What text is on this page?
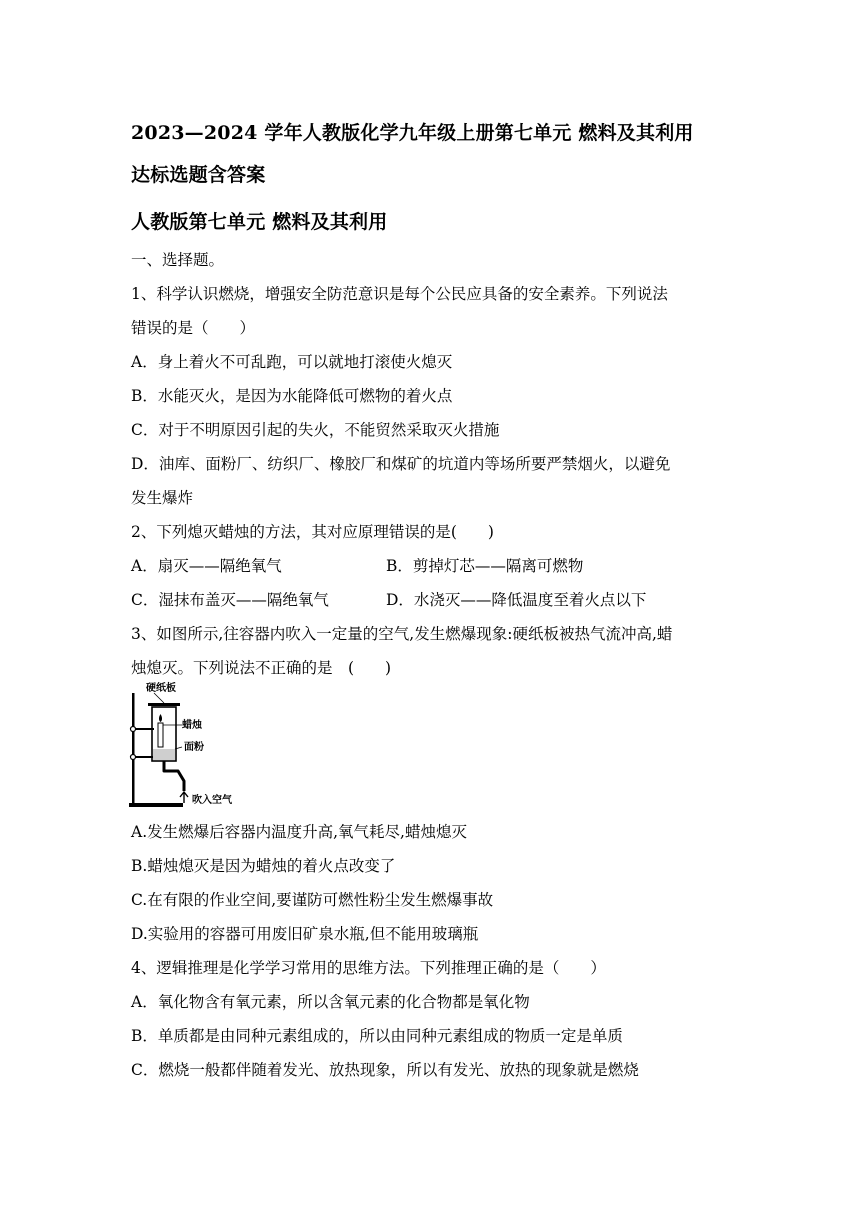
2023—2024 学年人教版化学九年级上册第七单元 燃料及其利用
达标选题含答案
人教版第七单元 燃料及其利用
一、选择题。
1、科学认识燃烧，增强安全防范意识是每个公民应具备的安全素养。下列说法
错误的是（　　）
A．身上着火不可乱跑，可以就地打滚使火熄灭
B．水能灭火，是因为水能降低可燃物的着火点
C．对于不明原因引起的失火，不能贸然采取灭火措施
D．油库、面粉厂、纺织厂、橡胶厂和煤矿的坑道内等场所要严禁烟火，以避免
发生爆炸
2、下列熄灭蜡烛的方法，其对应原理错误的是(　　)
A．扇灭——隔绝氧气	B．剪掉灯芯——隔离可燃物
C．湿抹布盖灭——隔绝氧气	D．水浇灭——降低温度至着火点以下
3、如图所示,往容器内吹入一定量的空气,发生燃爆现象:硬纸板被热气流冲高,蜡
烛熄灭。下列说法不正确的是　(　　)
硬纸板
蜡烛
面粉
吹入空气
A.发生燃爆后容器内温度升高,氧气耗尽,蜡烛熄灭
B.蜡烛熄灭是因为蜡烛的着火点改变了
C.在有限的作业空间,要谨防可燃性粉尘发生燃爆事故
D.实验用的容器可用废旧矿泉水瓶,但不能用玻璃瓶
4、逻辑推理是化学学习常用的思维方法。下列推理正确的是（　　）
A．氧化物含有氧元素，所以含氧元素的化合物都是氧化物
B．单质都是由同种元素组成的，所以由同种元素组成的物质一定是单质
C．燃烧一般都伴随着发光、放热现象，所以有发光、放热的现象就是燃烧
